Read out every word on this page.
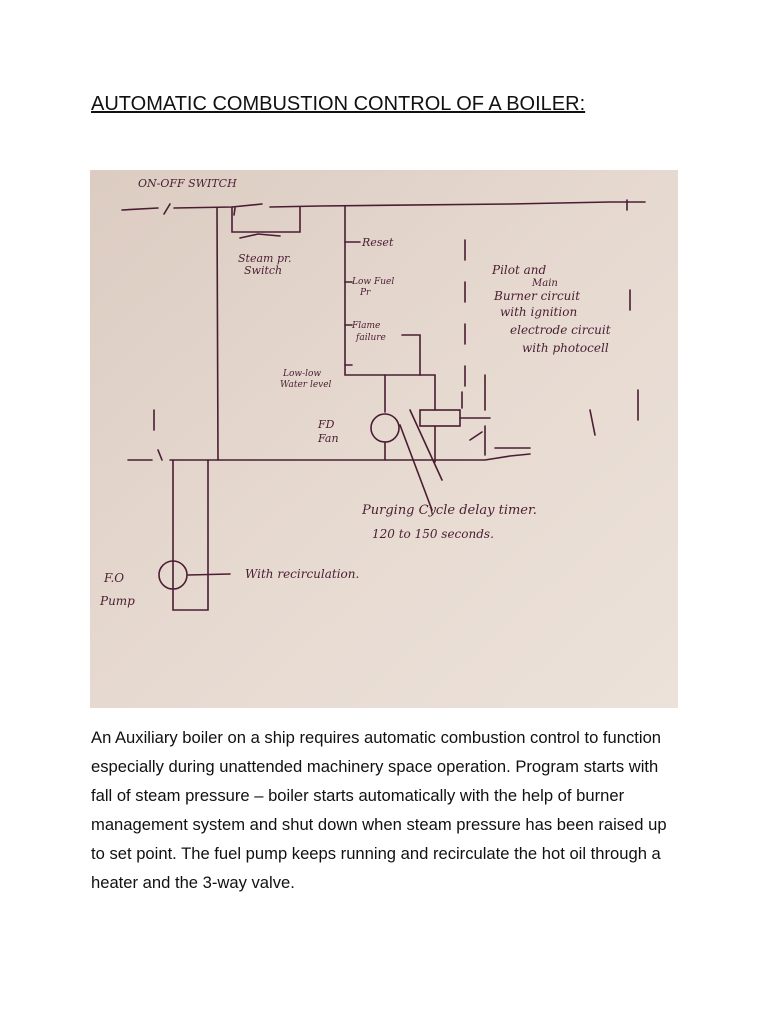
AUTOMATIC COMBUSTION CONTROL OF A BOILER:
ON-OFF SWITCH
Steam pr.
Switch
Reset
Low Fuel
Pr
Flame
failure
Low-low
Water level
FD
Fan
Pilot and
Main
Burner circuit
with ignition
electrode circuit
with photocell
Purging Cycle delay timer.
120 to 150 seconds.
F.O
Pump
With recirculation.

An Auxiliary boiler on a ship requires automatic combustion control to function especially during unattended machinery space operation. Program starts with fall of steam pressure – boiler starts automatically with the help of burner management system and shut down when steam pressure has been raised up to set point. The fuel pump keeps running and recirculate the hot oil through a heater and the 3-way valve.
